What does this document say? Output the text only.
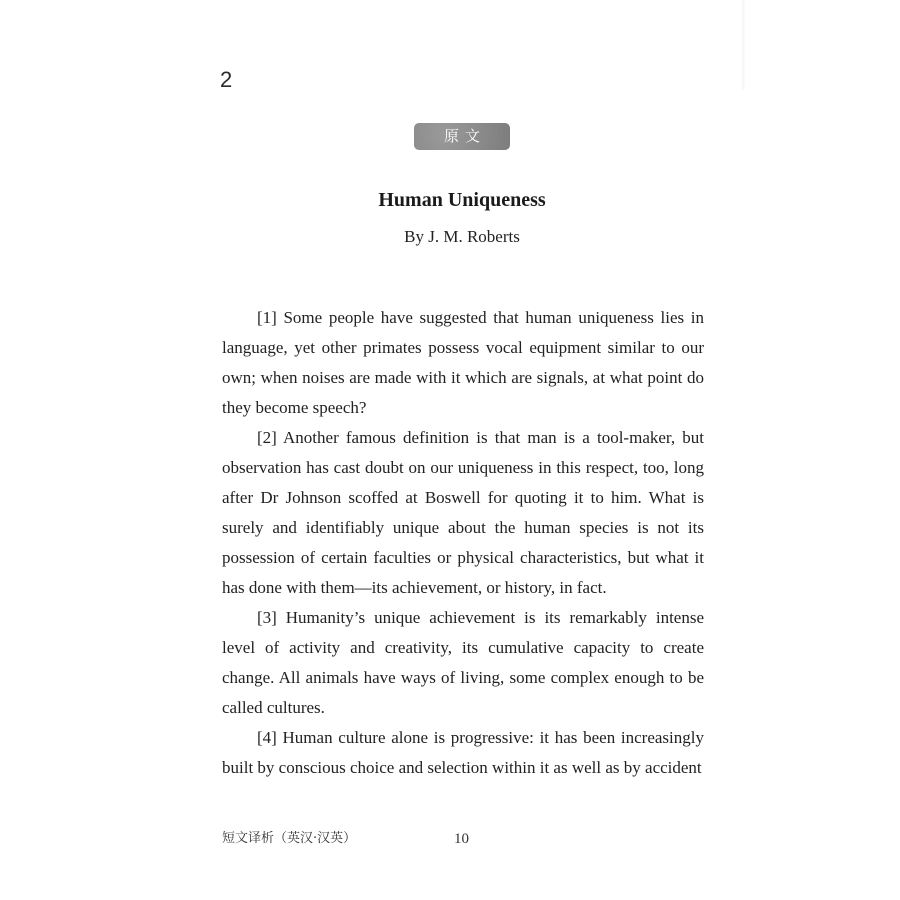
2
原文
Human Uniqueness
By J. M. Roberts

[1] Some people have suggested that human uniqueness lies in language, yet other primates possess vocal equipment similar to our own; when noises are made with it which are signals, at what point do they become speech?

[2] Another famous definition is that man is a tool-maker, but observation has cast doubt on our uniqueness in this respect, too, long after Dr Johnson scoffed at Boswell for quoting it to him. What is surely and identifiably unique about the human species is not its possession of certain faculties or physical characteristics, but what it has done with them—its achievement, or history, in fact.

[3] Humanity’s unique achievement is its remarkably intense level of activity and creativity, its cumulative capacity to create change. All animals have ways of living, some complex enough to be called cultures.

[4] Human culture alone is progressive: it has been increasingly built by conscious choice and selection within it as well as by accident

短文译析（英汉·汉英）	10
